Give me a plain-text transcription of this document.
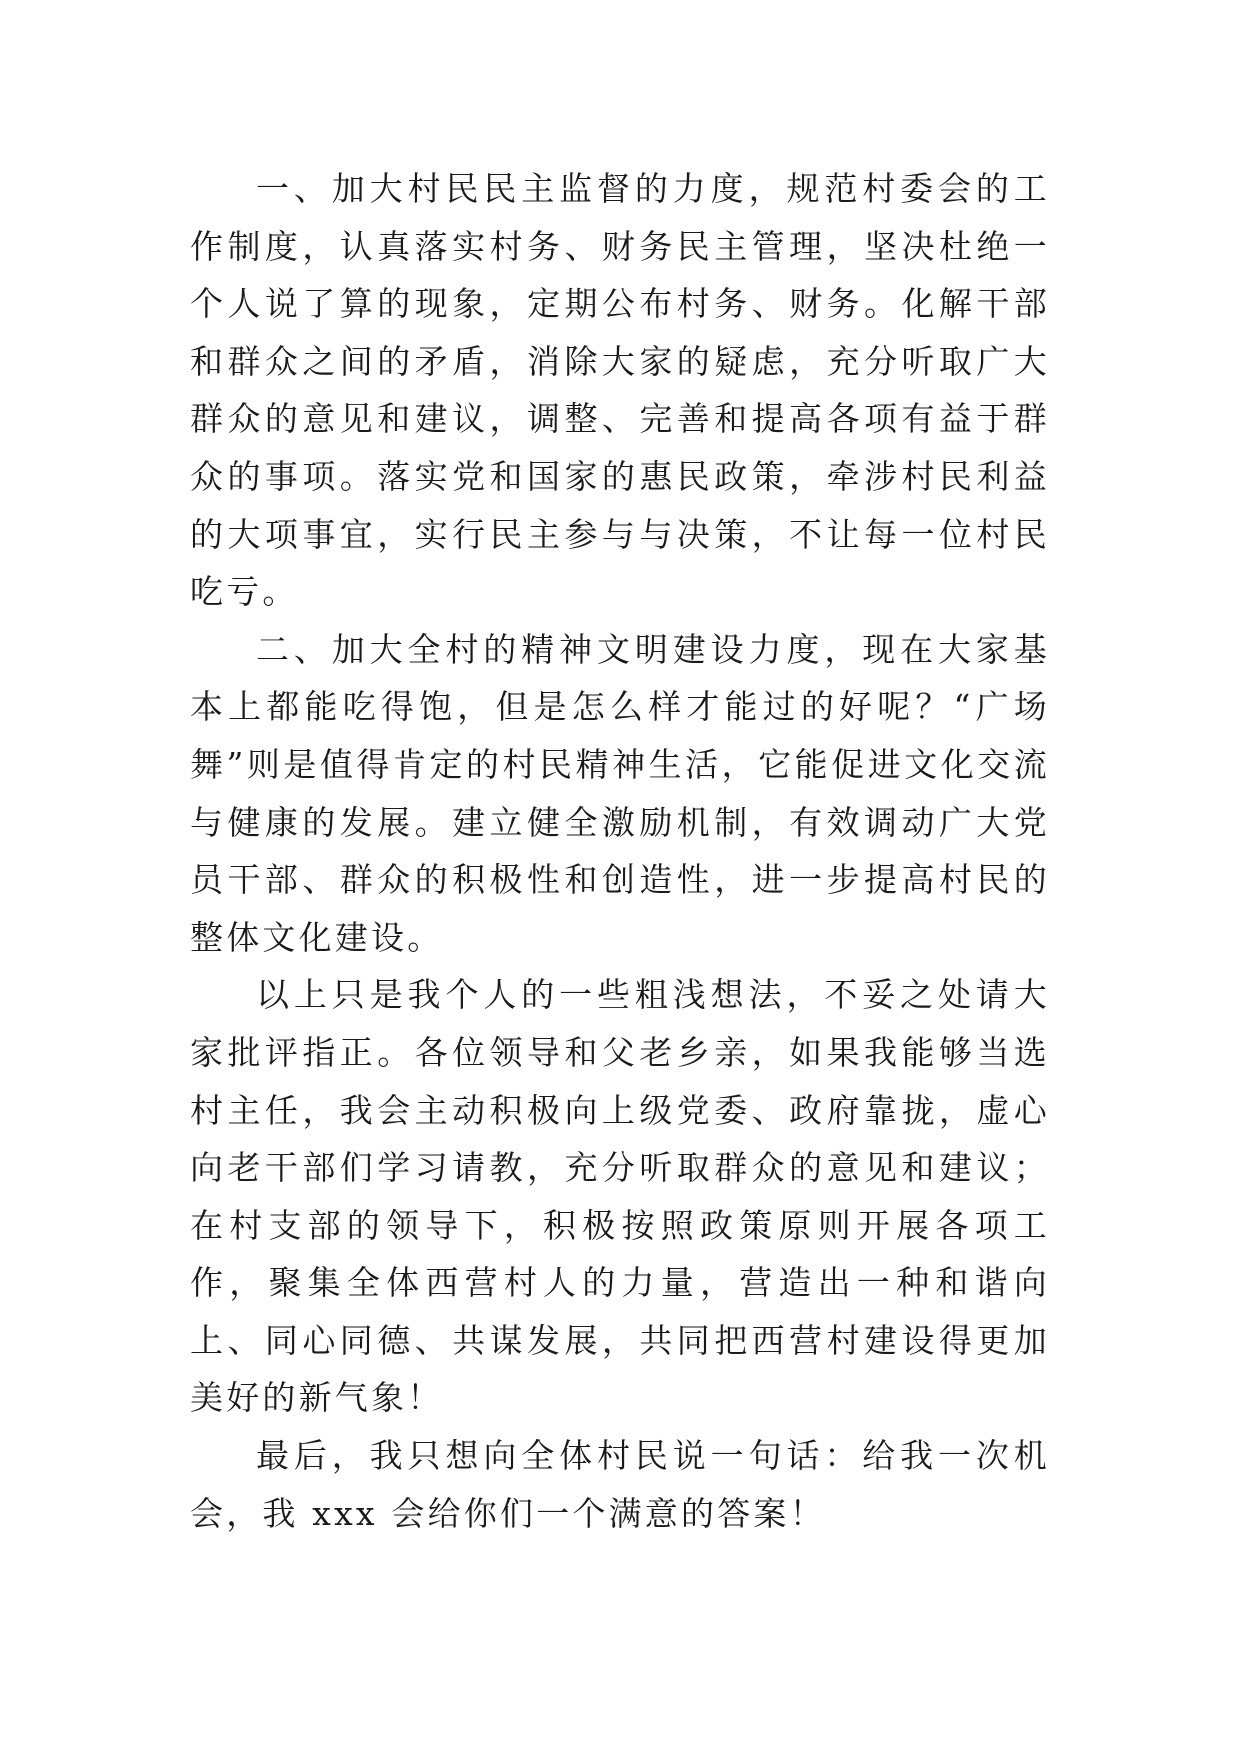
一、加大村民民主监督的力度，规范村委会的工作制度，认真落实村务、财务民主管理，坚决杜绝一个人说了算的现象，定期公布村务、财务。化解干部和群众之间的矛盾，消除大家的疑虑，充分听取广大群众的意见和建议，调整、完善和提高各项有益于群众的事项。落实党和国家的惠民政策，牵涉村民利益的大项事宜，实行民主参与与决策，不让每一位村民吃亏。

二、加大全村的精神文明建设力度，现在大家基本上都能吃得饱，但是怎么样才能过的好呢？“广场舞”则是值得肯定的村民精神生活，它能促进文化交流与健康的发展。建立健全激励机制，有效调动广大党员干部、群众的积极性和创造性，进一步提高村民的整体文化建设。

以上只是我个人的一些粗浅想法，不妥之处请大家批评指正。各位领导和父老乡亲，如果我能够当选村主任，我会主动积极向上级党委、政府靠拢，虚心向老干部们学习请教，充分听取群众的意见和建议；在村支部的领导下，积极按照政策原则开展各项工作，聚集全体西营村人的力量，营造出一种和谐向上、同心同德、共谋发展，共同把西营村建设得更加美好的新气象！

最后，我只想向全体村民说一句话：给我一次机会，我 xxx 会给你们一个满意的答案！
